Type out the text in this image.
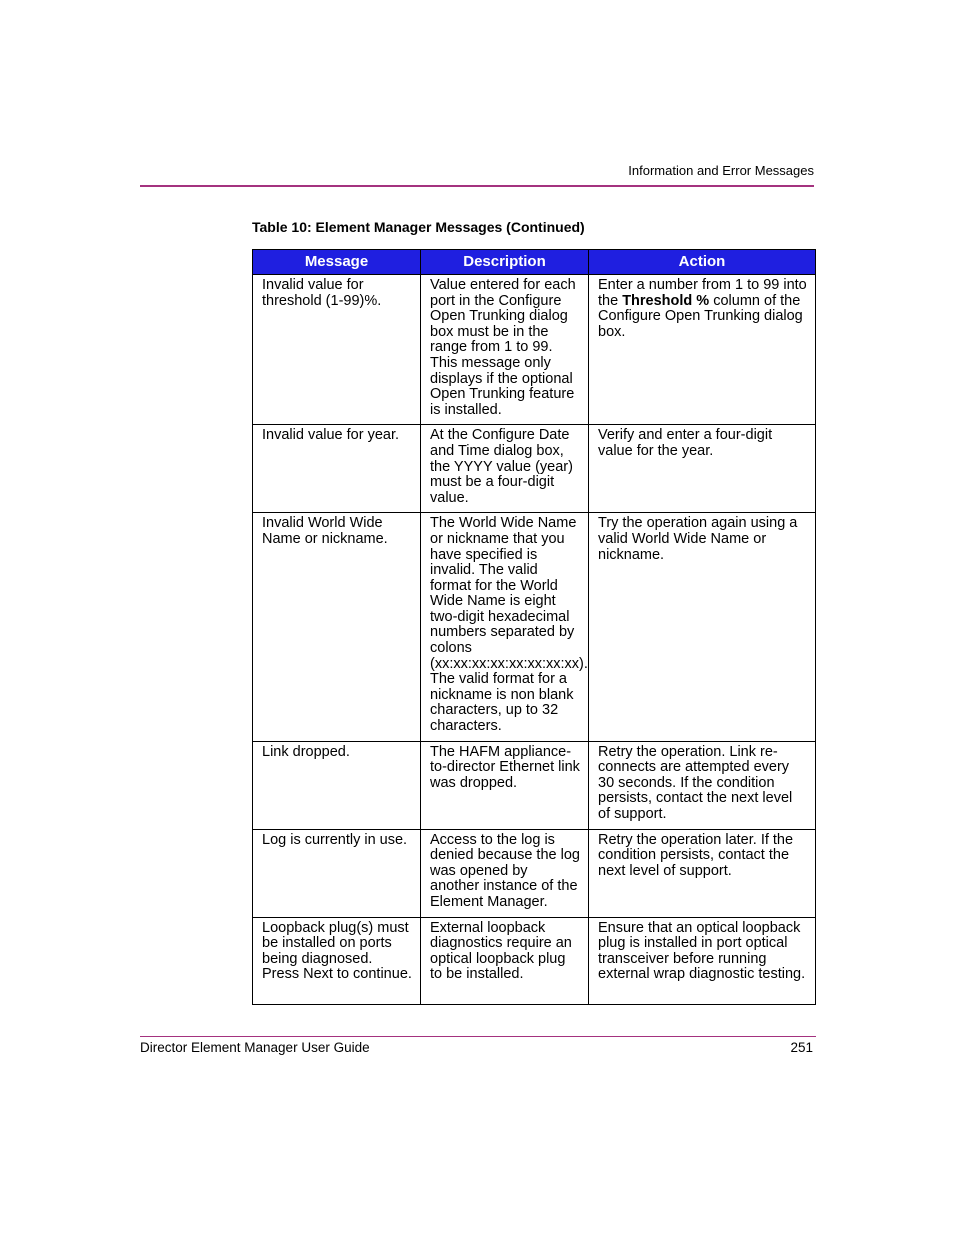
Information and Error Messages
Table 10: Element Manager Messages (Continued)
Message	Description	Action
Invalid value for threshold (1-99)%.	Value entered for each port in the Configure Open Trunking dialog box must be in the range from 1 to 99. This message only displays if the optional Open Trunking feature is installed.	Enter a number from 1 to 99 into the Threshold % column of the Configure Open Trunking dialog box.
Invalid value for year.	At the Configure Date and Time dialog box, the YYYY value (year) must be a four-digit value.	Verify and enter a four-digit value for the year.
Invalid World Wide Name or nickname.	The World Wide Name or nickname that you have specified is invalid. The valid format for the World Wide Name is eight two-digit hexadecimal numbers separated by colons (xx:xx:xx:xx:xx:xx:xx:xx). The valid format for a nickname is non blank characters, up to 32 characters.	Try the operation again using a valid World Wide Name or nickname.
Link dropped.	The HAFM appliance-to-director Ethernet link was dropped.	Retry the operation. Link re-connects are attempted every 30 seconds. If the condition persists, contact the next level of support.
Log is currently in use.	Access to the log is denied because the log was opened by another instance of the Element Manager.	Retry the operation later. If the condition persists, contact the next level of support.
Loopback plug(s) must be installed on ports being diagnosed. Press Next to continue.	External loopback diagnostics require an optical loopback plug to be installed.	Ensure that an optical loopback plug is installed in port optical transceiver before running external wrap diagnostic testing.
Director Element Manager User Guide	251
